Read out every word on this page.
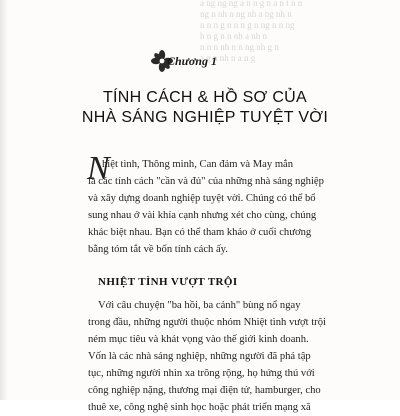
a ng ng ng a n n g n a n t n n
ng n nh n ng nh a ng nh n
n n n g n n n g n ng n n ng
h n g n n nh a nh n
n n n nh n n ng nh g n
a g n nh n a n g
Chương 1
TÍNH CÁCH & HỒ SƠ CỦA
NHÀ SÁNG NGHIỆP TUYỆT VỜI
N
hiệt tình, Thông minh, Can đảm và May mắn
là các tính cách "cần và đủ" của những nhà sáng nghiệp
và xây dựng doanh nghiệp tuyệt vời. Chúng có thể bổ
sung nhau ở vài khía cạnh nhưng xét cho cùng, chúng
khác biệt nhau. Bạn có thể tham khảo ở cuối chương
bằng tóm tắt về bốn tính cách ấy.
NHIỆT TÌNH VƯỢT TRỘI
Với câu chuyện "ba hồi, ba cảnh" bùng nổ ngay
trong đầu, những người thuộc nhóm Nhiệt tình vượt trội
ném mục tiêu và khát vọng vào thế giới kinh doanh.
Vốn là các nhà sáng nghiệp, những người đã phá tập
tục, những người nhìn xa trông rộng, họ hứng thú với
công nghiệp nặng, thương mại điện tử, hamburger, cho
thuê xe, công nghệ sinh học hoặc phát triển mạng xã
